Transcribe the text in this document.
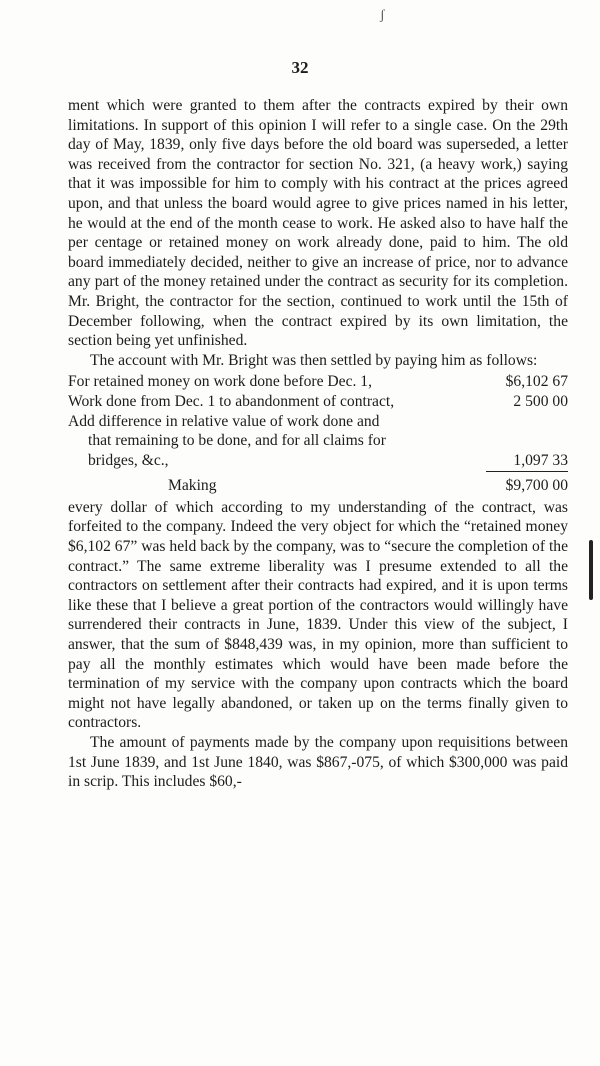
ʃ
32

ment which were granted to them after the contracts expired by their own limitations. In support of this opinion I will refer to a single case. On the 29th day of May, 1839, only five days before the old board was superseded, a letter was received from the contractor for section No. 321, (a heavy work,) saying that it was impossible for him to comply with his contract at the prices agreed upon, and that unless the board would agree to give prices named in his letter, he would at the end of the month cease to work. He asked also to have half the per centage or retained money on work already done, paid to him. The old board immediately decided, neither to give an increase of price, nor to advance any part of the money retained under the contract as security for its completion. Mr. Bright, the contractor for the section, continued to work until the 15th of December following, when the contract expired by its own limitation, the section being yet unfinished.

The account with Mr. Bright was then settled by paying him as follows:

For retained money on work done before Dec. 1,	$6,102 67
Work done from Dec. 1 to abandonment of contract,	2 500 00
Add difference in relative value of work done and
that remaining to be done, and for all claims for
bridges, &c.,	1,097 33
Making	$9,700 00

every dollar of which according to my understanding of the contract, was forfeited to the company. Indeed the very object for which the “retained money $6,102 67” was held back by the company, was to “secure the completion of the contract.” The same extreme liberality was I presume extended to all the contractors on settlement after their contracts had expired, and it is upon terms like these that I believe a great portion of the contractors would willingly have surrendered their contracts in June, 1839. Under this view of the subject, I answer, that the sum of $848,439 was, in my opinion, more than sufficient to pay all the monthly estimates which would have been made before the termination of my service with the company upon contracts which the board might not have legally abandoned, or taken up on the terms finally given to contractors.

The amount of payments made by the company upon requisitions between 1st June 1839, and 1st June 1840, was $867,-075, of which $300,000 was paid in scrip. This includes $60,-
